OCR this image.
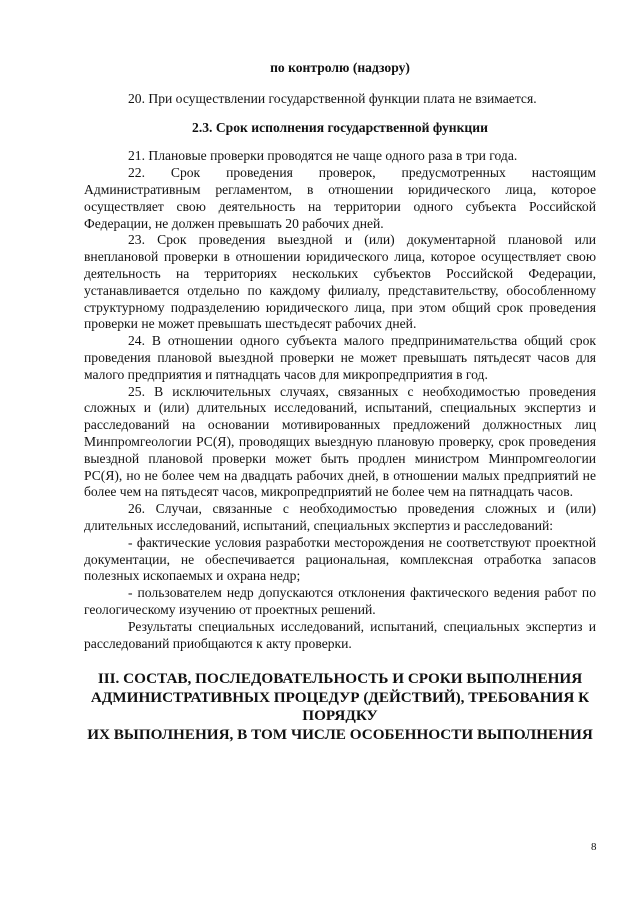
по контролю (надзору)

20. При осуществлении государственной функции плата не взимается.

2.3. Срок исполнения государственной функции

21. Плановые проверки проводятся не чаще одного раза в три года.

22. Срок проведения проверок, предусмотренных настоящим Административным регламентом, в отношении юридического лица, которое осуществляет свою деятельность на территории одного субъекта Российской Федерации, не должен превышать 20 рабочих дней.

23. Срок проведения выездной и (или) документарной плановой или внеплановой проверки в отношении юридического лица, которое осуществляет свою деятельность на территориях нескольких субъектов Российской Федерации, устанавливается отдельно по каждому филиалу, представительству, обособленному структурному подразделению юридического лица, при этом общий срок проведения проверки не может превышать шестьдесят рабочих дней.

24. В отношении одного субъекта малого предпринимательства общий срок проведения плановой выездной проверки не может превышать пятьдесят часов для малого предприятия и пятнадцать часов для микропредприятия в год.

25. В исключительных случаях, связанных с необходимостью проведения сложных и (или) длительных исследований, испытаний, специальных экспертиз и расследований на основании мотивированных предложений должностных лиц Минпромгеологии РС(Я), проводящих выездную плановую проверку, срок проведения выездной плановой проверки может быть продлен министром Минпромгеологии РС(Я), но не более чем на двадцать рабочих дней, в отношении малых предприятий не более чем на пятьдесят часов, микропредприятий не более чем на пятнадцать часов.

26. Случаи, связанные с необходимостью проведения сложных и (или) длительных исследований, испытаний, специальных экспертиз и расследований:

- фактические условия разработки месторождения не соответствуют проектной документации, не обеспечивается рациональная, комплексная отработка запасов полезных ископаемых и охрана недр;

- пользователем недр допускаются отклонения фактического ведения работ по геологическому изучению от проектных решений.

Результаты специальных исследований, испытаний, специальных экспертиз и расследований приобщаются к акту проверки.

III. СОСТАВ, ПОСЛЕДОВАТЕЛЬНОСТЬ И СРОКИ ВЫПОЛНЕНИЯ
АДМИНИСТРАТИВНЫХ ПРОЦЕДУР (ДЕЙСТВИЙ), ТРЕБОВАНИЯ К
ПОРЯДКУ
ИХ ВЫПОЛНЕНИЯ, В ТОМ ЧИСЛЕ ОСОБЕННОСТИ ВЫПОЛНЕНИЯ
8
